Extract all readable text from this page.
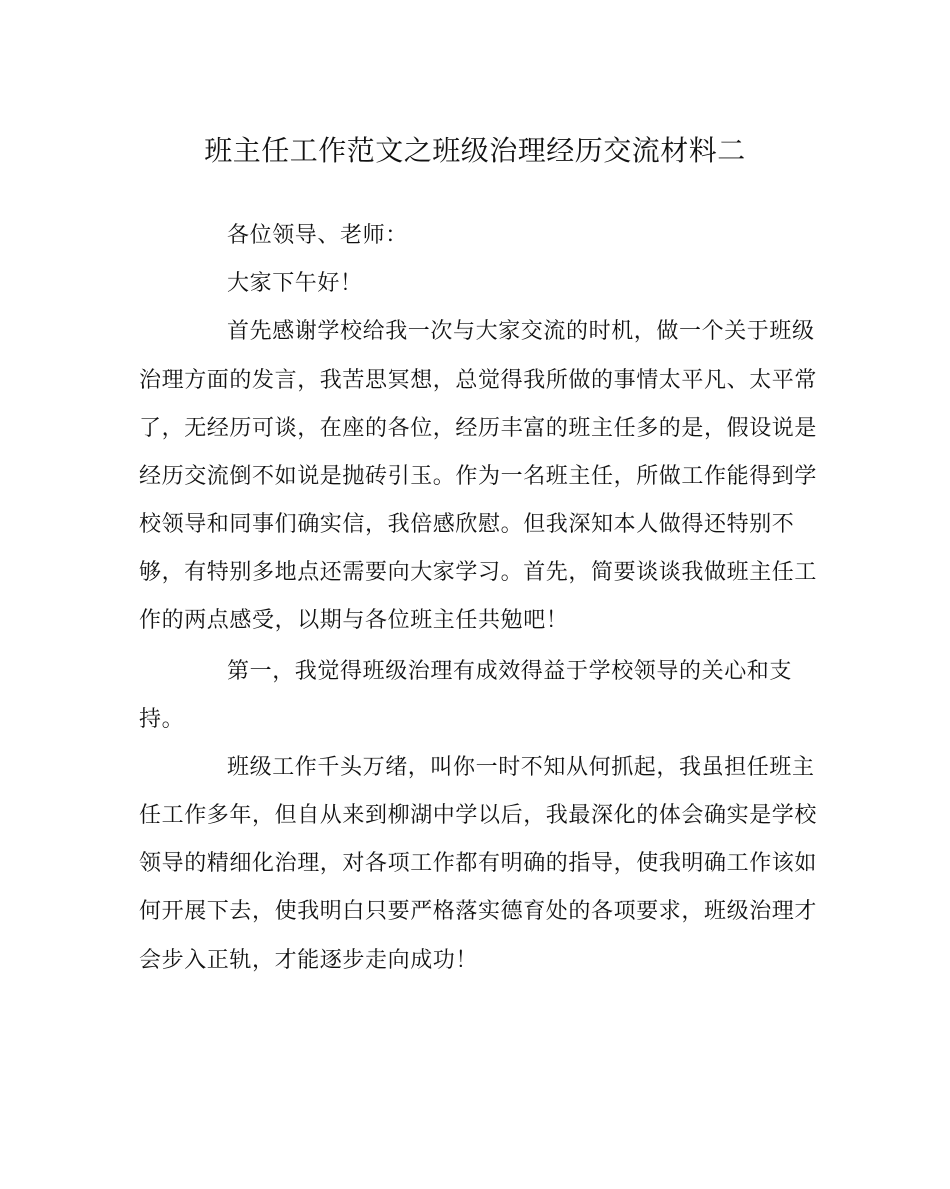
班主任工作范文之班级治理经历交流材料二
各位领导、老师：
大家下午好！
首先感谢学校给我一次与大家交流的时机，做一个关于班级
治理方面的发言，我苦思冥想，总觉得我所做的事情太平凡、太平常
了，无经历可谈，在座的各位，经历丰富的班主任多的是，假设说是
经历交流倒不如说是抛砖引玉。作为一名班主任，所做工作能得到学
校领导和同事们确实信，我倍感欣慰。但我深知本人做得还特别不
够，有特别多地点还需要向大家学习。首先，简要谈谈我做班主任工
作的两点感受，以期与各位班主任共勉吧！
第一，我觉得班级治理有成效得益于学校领导的关心和支
持。
班级工作千头万绪，叫你一时不知从何抓起，我虽担任班主
任工作多年，但自从来到柳湖中学以后，我最深化的体会确实是学校
领导的精细化治理，对各项工作都有明确的指导，使我明确工作该如
何开展下去，使我明白只要严格落实德育处的各项要求，班级治理才
会步入正轨，才能逐步走向成功！
